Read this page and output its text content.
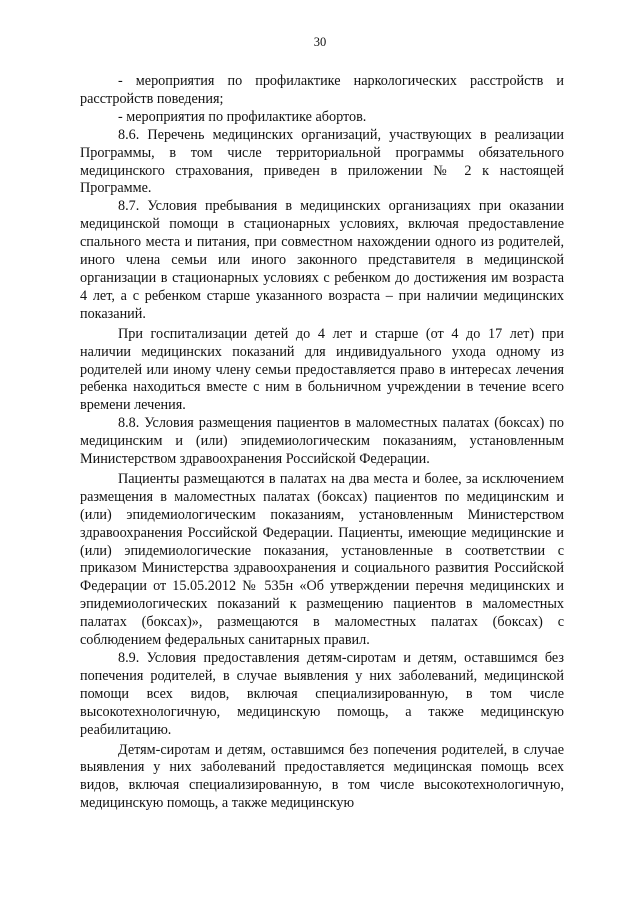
30

- мероприятия по профилактике наркологических расстройств и расстройств поведения;

- мероприятия по профилактике абортов.

8.6. Перечень медицинских организаций, участвующих в реализации Программы, в том числе территориальной программы обязательного медицинского страхования, приведен в приложении № 2 к настоящей Программе.

8.7. Условия пребывания в медицинских организациях при оказании медицинской помощи в стационарных условиях, включая предоставление спального места и питания, при совместном нахождении одного из родителей, иного члена семьи или иного законного представителя в медицинской организации в стационарных условиях с ребенком до достижения им возраста 4 лет, а с ребенком старше указанного возраста – при наличии медицинских показаний.

При госпитализации детей до 4 лет и старше (от 4 до 17 лет) при наличии медицинских показаний для индивидуального ухода одному из родителей или иному члену семьи предоставляется право в интересах лечения ребенка находиться вместе с ним в больничном учреждении в течение всего времени лечения.

8.8. Условия размещения пациентов в маломестных палатах (боксах) по медицинским и (или) эпидемиологическим показаниям, установленным Министерством здравоохранения Российской Федерации.

Пациенты размещаются в палатах на два места и более, за исключением размещения в маломестных палатах (боксах) пациентов по медицинским и (или) эпидемиологическим показаниям, установленным Министерством здравоохранения Российской Федерации. Пациенты, имеющие медицинские и (или) эпидемиологические показания, установленные в соответствии с приказом Министерства здравоохранения и социального развития Российской Федерации от 15.05.2012 № 535н «Об утверждении перечня медицинских и эпидемиологических показаний к размещению пациентов в маломестных палатах (боксах)», размещаются в маломестных палатах (боксах) с соблюдением федеральных санитарных правил.

8.9. Условия предоставления детям-сиротам и детям, оставшимся без попечения родителей, в случае выявления у них заболеваний, медицинской помощи всех видов, включая специализированную, в том числе высокотехнологичную, медицинскую помощь, а также медицинскую реабилитацию.

Детям-сиротам и детям, оставшимся без попечения родителей, в случае выявления у них заболеваний предоставляется медицинская помощь всех видов, включая специализированную, в том числе высокотехнологичную, медицинскую помощь, а также медицинскую
